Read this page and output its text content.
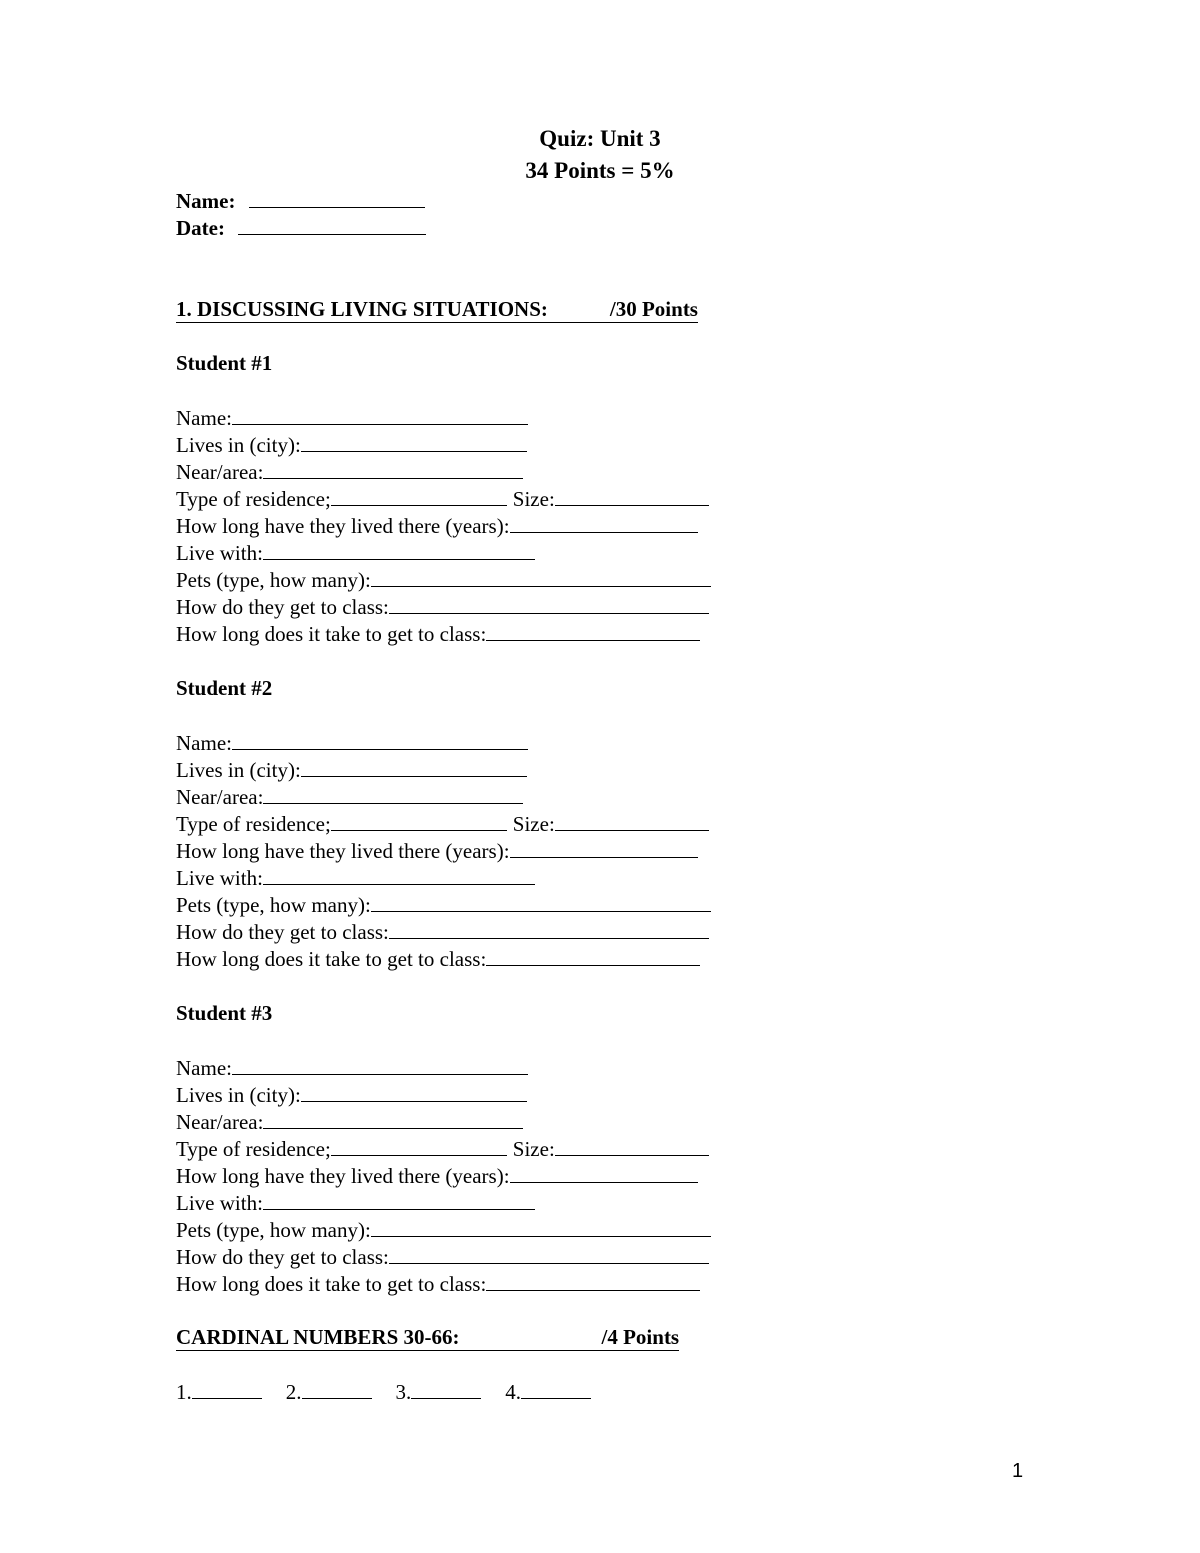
Quiz: Unit 3
34 Points = 5%
Name:
Date:
1. DISCUSSING LIVING SITUATIONS:	/30 Points
Student #1
Name:
Lives in (city):
Near/area:
Type of residence;	Size:
How long have they lived there (years):
Live with:
Pets (type, how many):
How do they get to class:
How long does it take to get to class:
Student #2
Name:
Lives in (city):
Near/area:
Type of residence;	Size:
How long have they lived there (years):
Live with:
Pets (type, how many):
How do they get to class:
How long does it take to get to class:
Student #3
Name:
Lives in (city):
Near/area:
Type of residence;	Size:
How long have they lived there (years):
Live with:
Pets (type, how many):
How do they get to class:
How long does it take to get to class:
CARDINAL NUMBERS 30-66:	/4 Points
1.	2.	3.	4.
1
